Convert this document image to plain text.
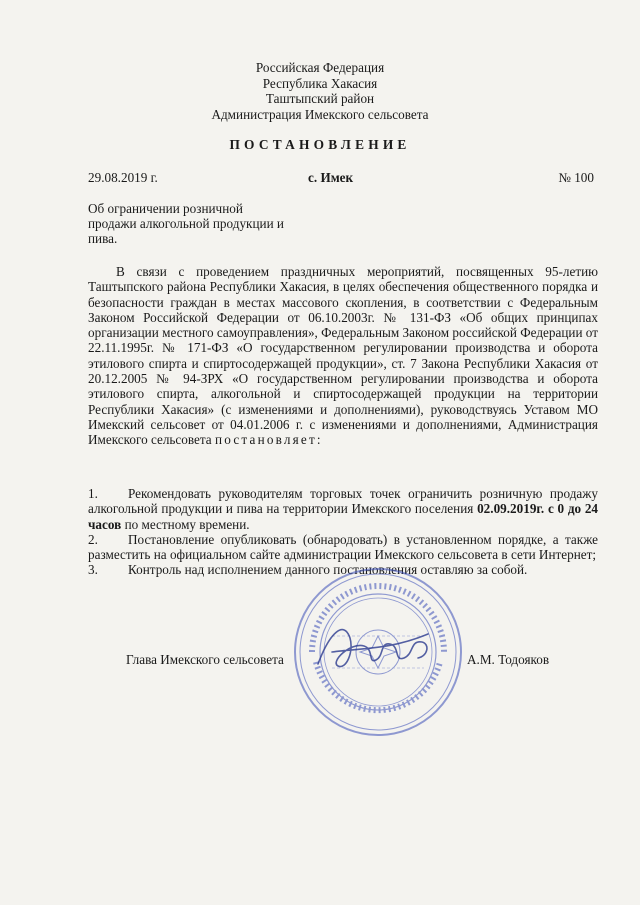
Российская Федерация
Республика Хакасия
Таштыпский район
Администрация Имекского сельсовета
ПОСТАНОВЛЕНИЕ
29.08.2019 г.	с. Имек	№ 100
Об ограничении розничной
продажи алкогольной продукции и
пива.

В связи с проведением праздничных мероприятий, посвященных 95-летию Таштыпского района Республики Хакасия, в целях обеспечения общественного порядка и безопасности граждан в местах массового скопления, в соответствии с Федеральным Законом Российской Федерации от 06.10.2003г. № 131-ФЗ «Об общих принципах организации местного самоуправления», Федеральным Законом российской Федерации от 22.11.1995г. № 171-ФЗ «О государственном регулировании производства и оборота этилового спирта и спиртосодержащей продукции», ст. 7 Закона Республики Хакасия от 20.12.2005 № 94-ЗРХ «О государственном регулировании производства и оборота этилового спирта, алкогольной и спиртосодержащей продукции на территории Республики Хакасия» (с изменениями и дополнениями), руководствуясь Уставом МО Имекский сельсовет от 04.01.2006 г. с изменениями и дополнениями, Администрация Имекского сельсовета постановляет:

1. Рекомендовать руководителям торговых точек ограничить розничную продажу алкогольной продукции и пива на территории Имекского поселения 02.09.2019г. с 0 до 24 часов по местному времени.
2. Постановление опубликовать (обнародовать) в установленном порядке, а также разместить на официальном сайте администрации Имекского сельсовета в сети Интернет;
3. Контроль над исполнением данного постановления оставляю за собой.
Глава Имекского сельсовета	А.М. Тодояков
